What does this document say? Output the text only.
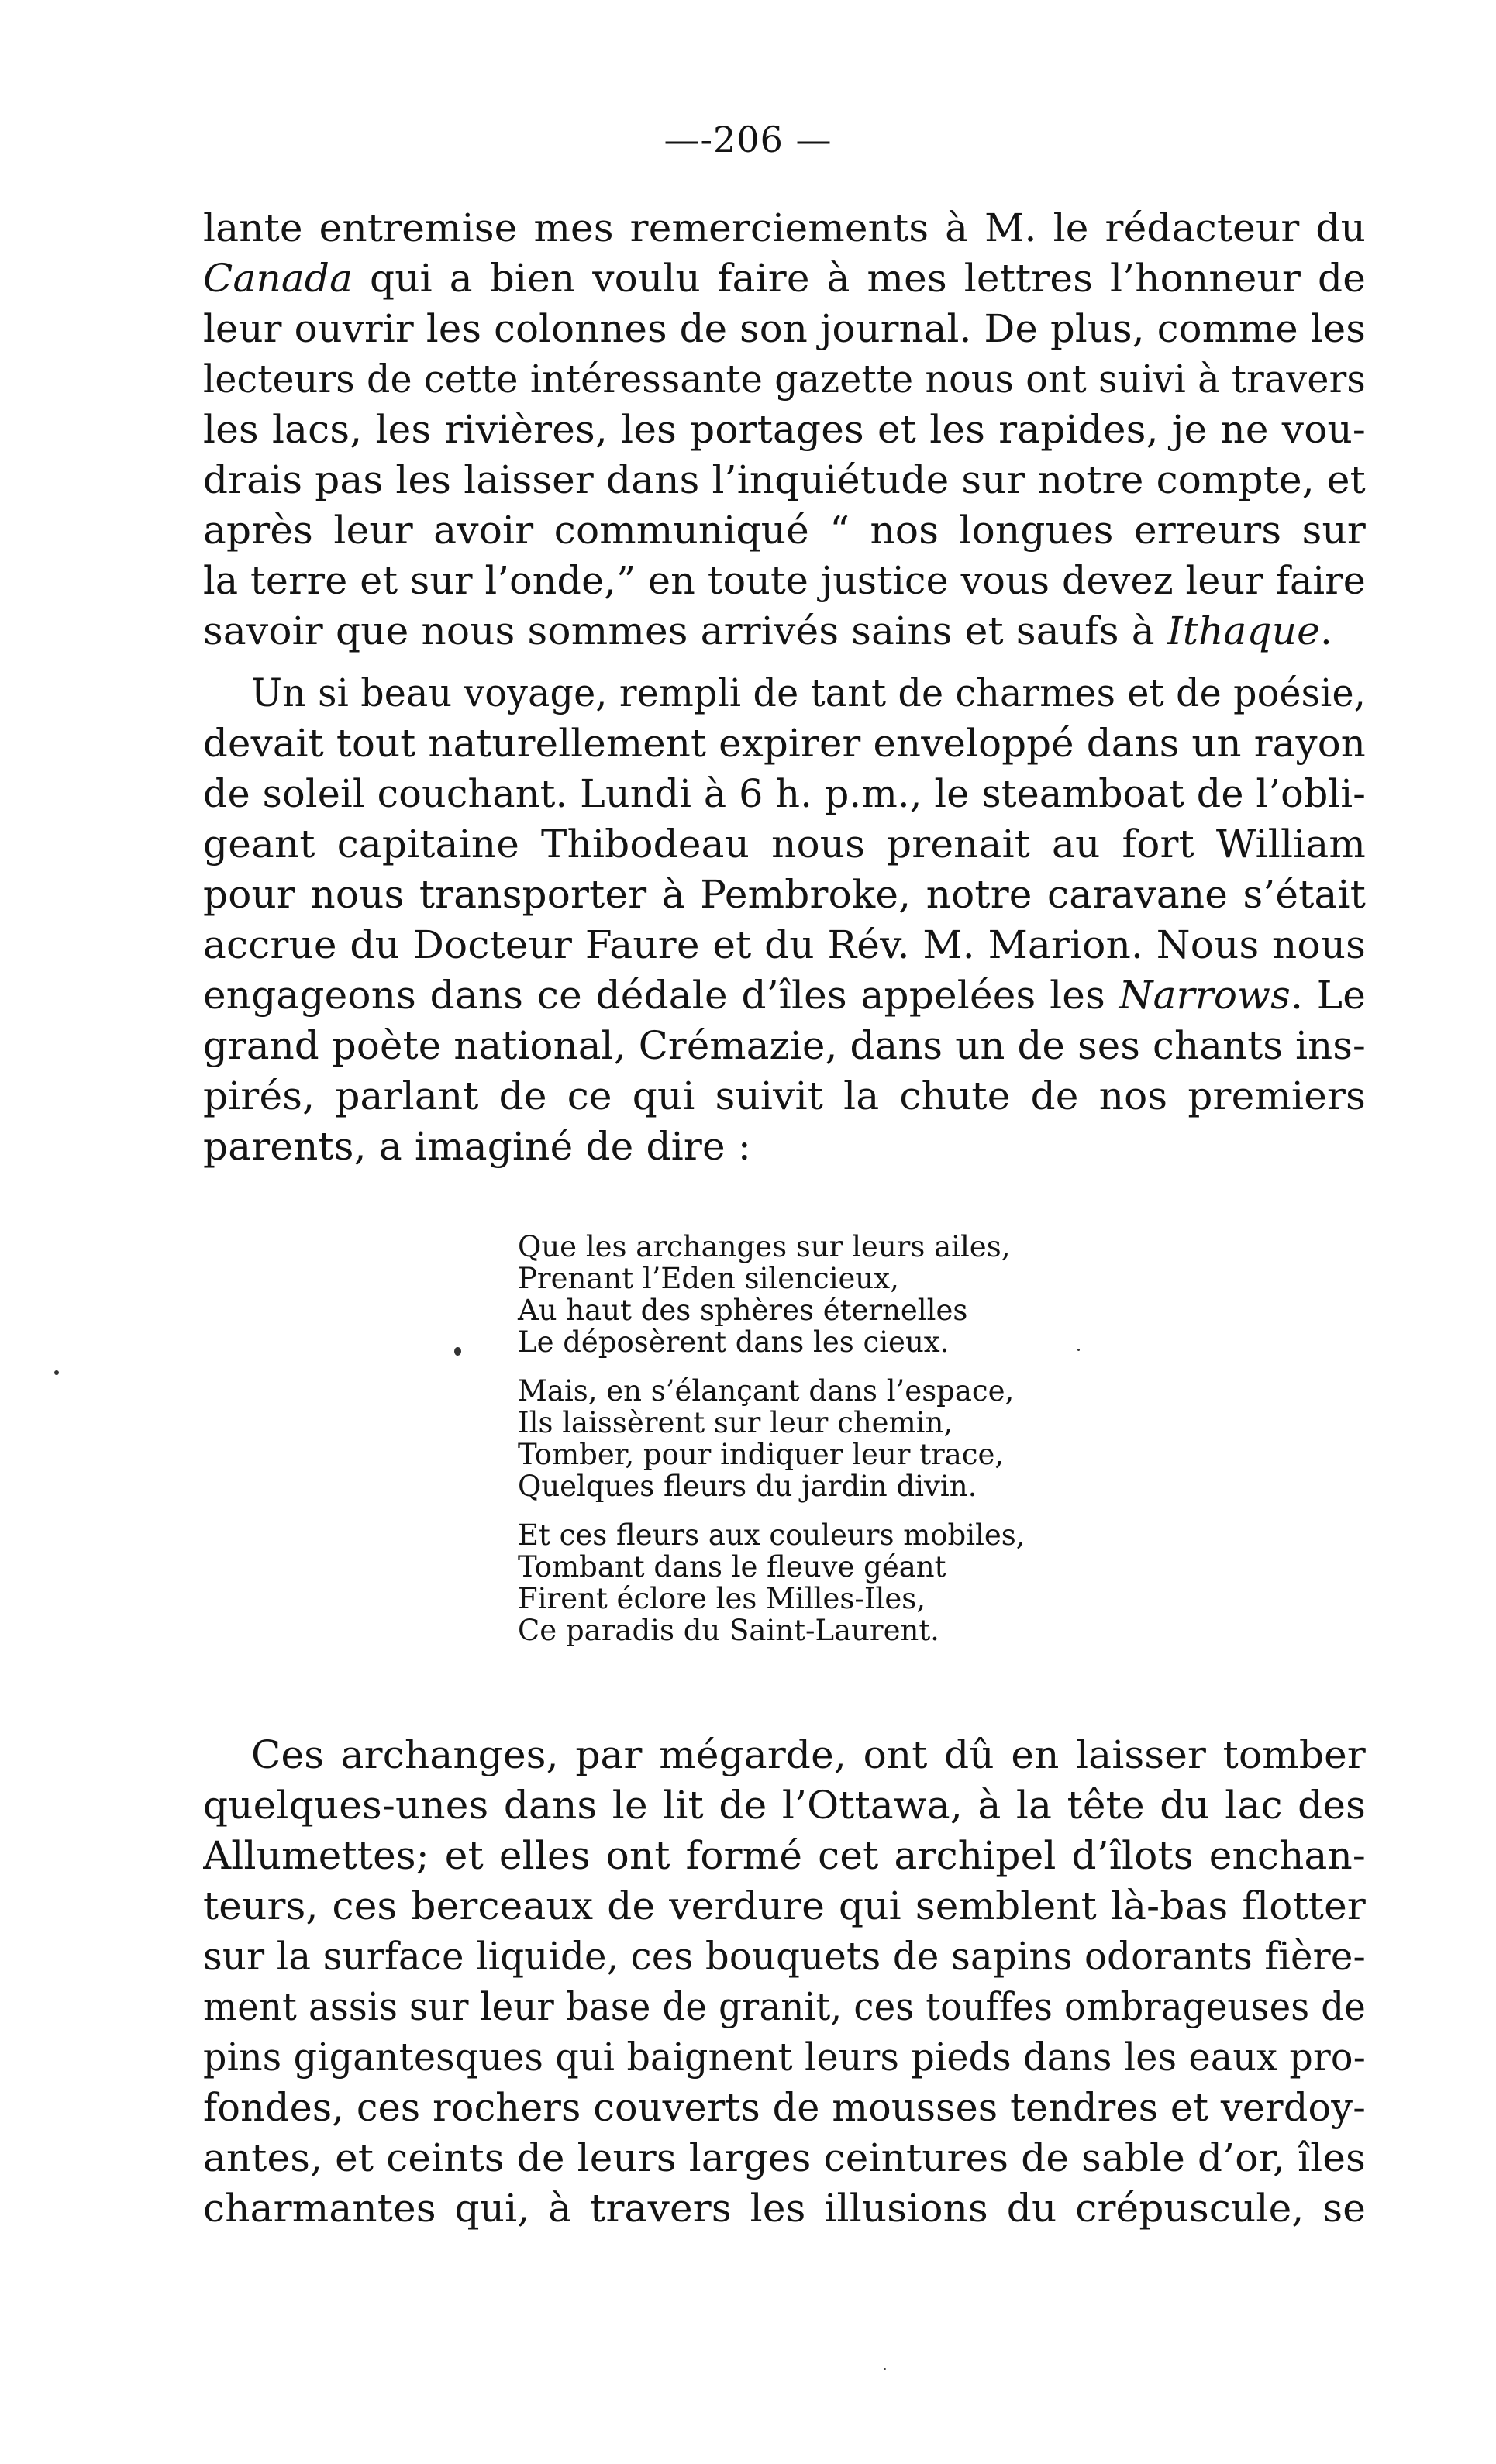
—-206 —
lante entremise mes remerciements à M. le rédacteur du
Canada qui a bien voulu faire à mes lettres l’honneur de
leur ouvrir les colonnes de son journal. De plus, comme les
lecteurs de cette intéressante gazette nous ont suivi à travers
les lacs, les rivières, les portages et les rapides, je ne vou-
drais pas les laisser dans l’inquiétude sur notre compte, et
après leur avoir communiqué “ nos longues erreurs sur
la terre et sur l’onde,” en toute justice vous devez leur faire
savoir que nous sommes arrivés sains et saufs à Ithaque.
Un si beau voyage, rempli de tant de charmes et de poésie,
devait tout naturellement expirer enveloppé dans un rayon
de soleil couchant. Lundi à 6 h. p.m., le steamboat de l’obli-
geant capitaine Thibodeau nous prenait au fort William
pour nous transporter à Pembroke, notre caravane s’était
accrue du Docteur Faure et du Rév. M. Marion. Nous nous
engageons dans ce dédale d’îles appelées les Narrows. Le
grand poète national, Crémazie, dans un de ses chants ins-
pirés, parlant de ce qui suivit la chute de nos premiers
parents, a imaginé de dire :
Que les archanges sur leurs ailes,
Prenant l’Eden silencieux,
Au haut des sphères éternelles
Le déposèrent dans les cieux.
Mais, en s’élançant dans l’espace,
Ils laissèrent sur leur chemin,
Tomber, pour indiquer leur trace,
Quelques fleurs du jardin divin.
Et ces fleurs aux couleurs mobiles,
Tombant dans le fleuve géant
Firent éclore les Milles-Iles,
Ce paradis du Saint-Laurent.
Ces archanges, par mégarde, ont dû en laisser tomber
quelques-unes dans le lit de l’Ottawa, à la tête du lac des
Allumettes; et elles ont formé cet archipel d’îlots enchan-
teurs, ces berceaux de verdure qui semblent là-bas flotter
sur la surface liquide, ces bouquets de sapins odorants fière-
ment assis sur leur base de granit, ces touffes ombrageuses de
pins gigantesques qui baignent leurs pieds dans les eaux pro-
fondes, ces rochers couverts de mousses tendres et verdoy-
antes, et ceints de leurs larges ceintures de sable d’or, îles
charmantes qui, à travers les illusions du crépuscule, se
